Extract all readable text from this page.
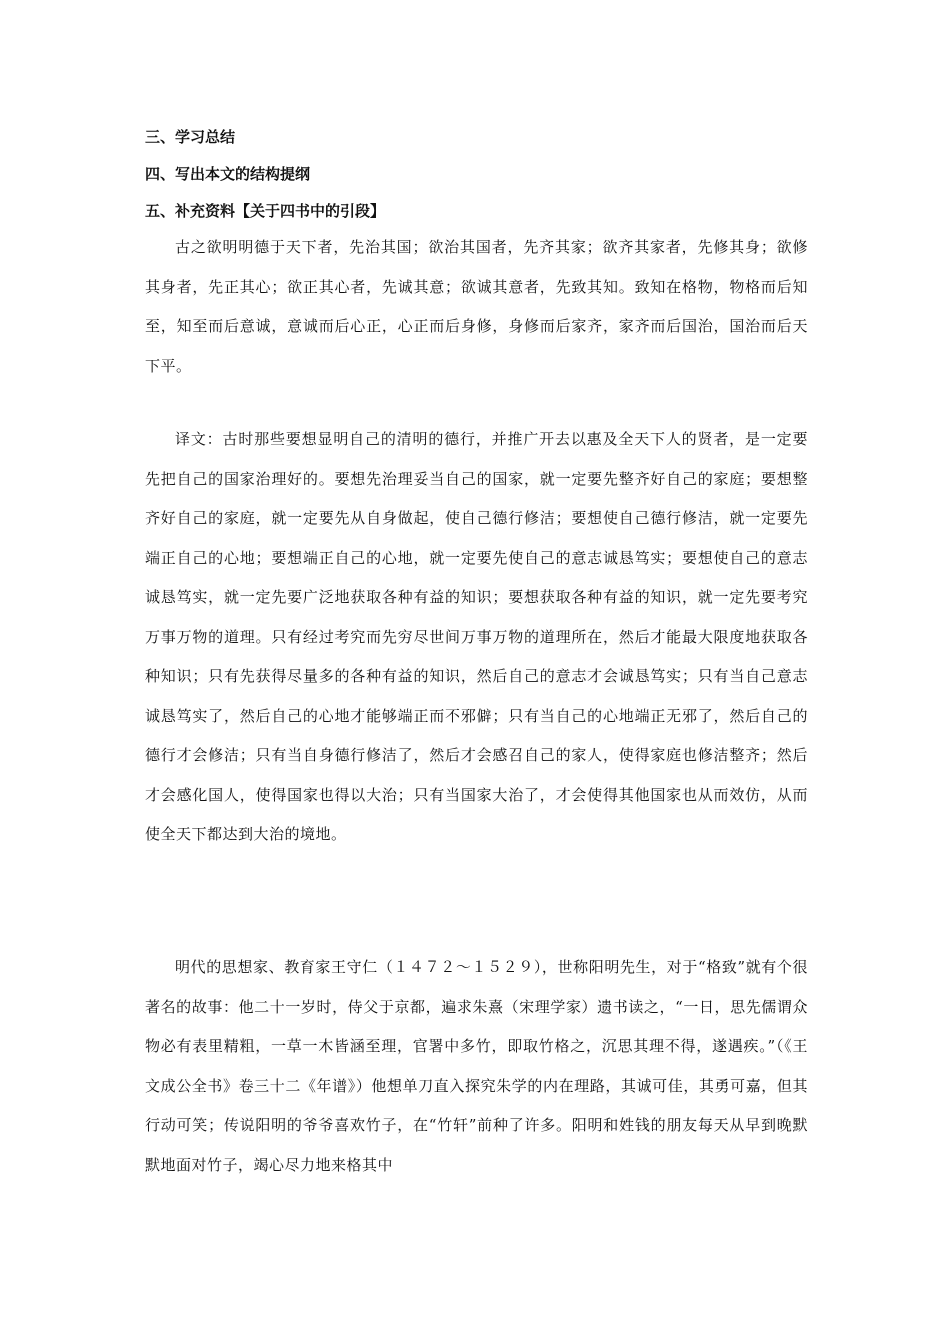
三、学习总结
四、写出本文的结构提纲
五、补充资料【关于四书中的引段】

古之欲明明德于天下者，先治其国；欲治其国者，先齐其家；欲齐其家者，先修其身；欲修其身者，先正其心；欲正其心者，先诚其意；欲诚其意者，先致其知。致知在格物，物格而后知至，知至而后意诚，意诚而后心正，心正而后身修，身修而后家齐，家齐而后国治，国治而后天下平。

译文：古时那些要想显明自己的清明的德行，并推广开去以惠及全天下人的贤者，是一定要先把自己的国家治理好的。要想先治理妥当自己的国家，就一定要先整齐好自己的家庭；要想整齐好自己的家庭，就一定要先从自身做起，使自己德行修洁；要想使自己德行修洁，就一定要先端正自己的心地；要想端正自己的心地，就一定要先使自己的意志诚恳笃实；要想使自己的意志诚恳笃实，就一定先要广泛地获取各种有益的知识；要想获取各种有益的知识，就一定先要考究万事万物的道理。只有经过考究而先穷尽世间万事万物的道理所在，然后才能最大限度地获取各种知识；只有先获得尽量多的各种有益的知识，然后自己的意志才会诚恳笃实；只有当自己意志诚恳笃实了，然后自己的心地才能够端正而不邪僻；只有当自己的心地端正无邪了，然后自己的德行才会修洁；只有当自身德行修洁了，然后才会感召自己的家人，使得家庭也修洁整齐；然后才会感化国人，使得国家也得以大治；只有当国家大治了，才会使得其他国家也从而效仿，从而使全天下都达到大治的境地。

明代的思想家、教育家王守仁（１４７２～１５２９），世称阳明先生，对于“格致”就有个很著名的故事：他二十一岁时，侍父于京都，遍求朱熹（宋理学家）遗书读之，“一日，思先儒谓众物必有表里精粗，一草一木皆涵至理，官署中多竹，即取竹格之，沉思其理不得，遂遇疾。”（《王文成公全书》卷三十二《年谱》）他想单刀直入探究朱学的内在理路，其诚可佳，其勇可嘉，但其行动可笑；传说阳明的爷爷喜欢竹子，在“竹轩”前种了许多。阳明和姓钱的朋友每天从早到晚默默地面对竹子，竭心尽力地来格其中
